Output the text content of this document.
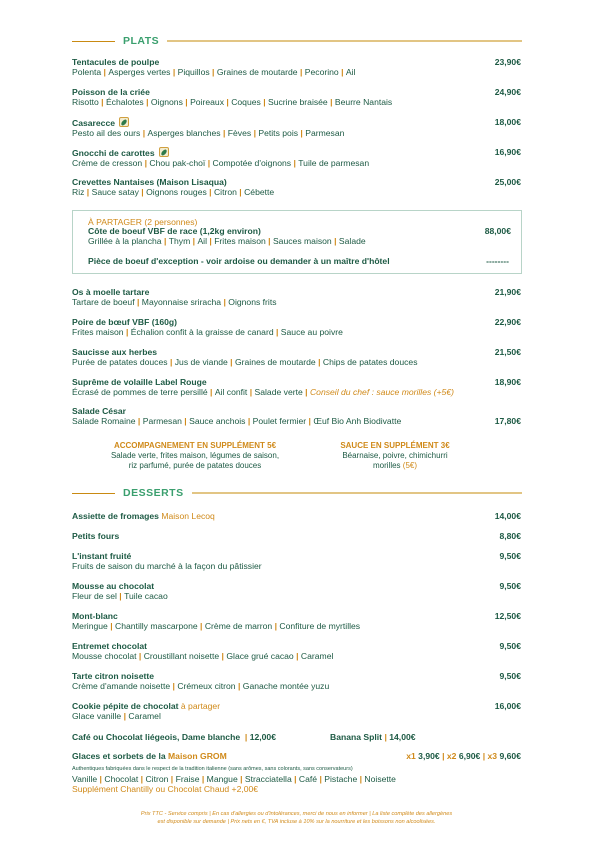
PLATS
Tentacules de poulpe	23,90€
Polenta | Asperges vertes | Piquillos | Graines de moutarde | Pecorino | Ail
Poisson de la criée	24,90€
Risotto | Échalotes | Oignons | Poireaux | Coques | Sucrine braisée | Beurre Nantais
Casarecce	18,00€
Pesto ail des ours | Asperges blanches | Fèves | Petits pois | Parmesan
Gnocchi de carottes	16,90€
Crème de cresson | Chou pak-choï | Compotée d'oignons | Tuile de parmesan
Crevettes Nantaises (Maison Lisaqua)	25,00€
Riz | Sauce satay | Oignons rouges | Citron | Cébette
À PARTAGER (2 personnes)
Côte de boeuf VBF de race (1,2kg environ)	88,00€
Grillée à la plancha | Thym | Ail | Frites maison | Sauces maison | Salade
Pièce de boeuf d'exception - voir ardoise ou demander à un maître d'hôtel	--------
Os à moelle tartare	21,90€
Tartare de boeuf | Mayonnaise sriracha | Oignons frits
Poire de bœuf VBF (160g)	22,90€
Frites maison | Échalion confit à la graisse de canard | Sauce au poivre
Saucisse aux herbes	21,50€
Purée de patates douces | Jus de viande | Graines de moutarde | Chips de patates douces
Suprême de volaille Label Rouge	18,90€
Écrasé de pommes de terre persillé | Ail confit | Salade verte | Conseil du chef : sauce morilles (+5€)
Salade César
17,80€
Salade Romaine | Parmesan | Sauce anchois | Poulet fermier | Œuf Bio Anh Biodivatte
ACCOMPAGNEMENT EN SUPPLÉMENT 5€
Salade verte, frites maison, légumes de saison,
riz parfumé, purée de patates douces
SAUCE EN SUPPLÉMENT 3€
Béarnaise, poivre, chimichurri
morilles (5€)
DESSERTS
Assiette de fromages Maison Lecoq	14,00€
Petits fours	8,80€
L'instant fruité	9,50€
Fruits de saison du marché à la façon du pâtissier
Mousse au chocolat	9,50€
Fleur de sel | Tuile cacao
Mont-blanc	12,50€
Meringue | Chantilly mascarpone | Crème de marron | Confiture de myrtilles
Entremet chocolat	9,50€
Mousse chocolat | Croustillant noisette | Glace grué cacao | Caramel
Tarte citron noisette	9,50€
Crème d'amande noisette | Crémeux citron | Ganache montée yuzu
Cookie pépite de chocolat à partager	16,00€
Glace vanille | Caramel
Café ou Chocolat liégeois, Dame blanche  | 12,00€	Banana Split | 14,00€
Glaces et sorbets de la Maison GROM	x1 3,90€ | x2 6,90€ | x3 9,60€
Authentiques fabriquées dans le respect de la tradition italienne (sans arômes, sans colorants, sans conservateurs)
Vanille | Chocolat | Citron | Fraise | Mangue | Stracciatella | Café | Pistache | Noisette
Supplément Chantilly ou Chocolat Chaud +2,00€
Prix TTC - Service compris | En cas d'allergies ou d'intolérances, merci de nous en informer | La liste complète des allergènes
est disponible sur demande | Prix nets en €, TVA incluse à 10% sur la nourriture et les boissons non alcoolisées.
